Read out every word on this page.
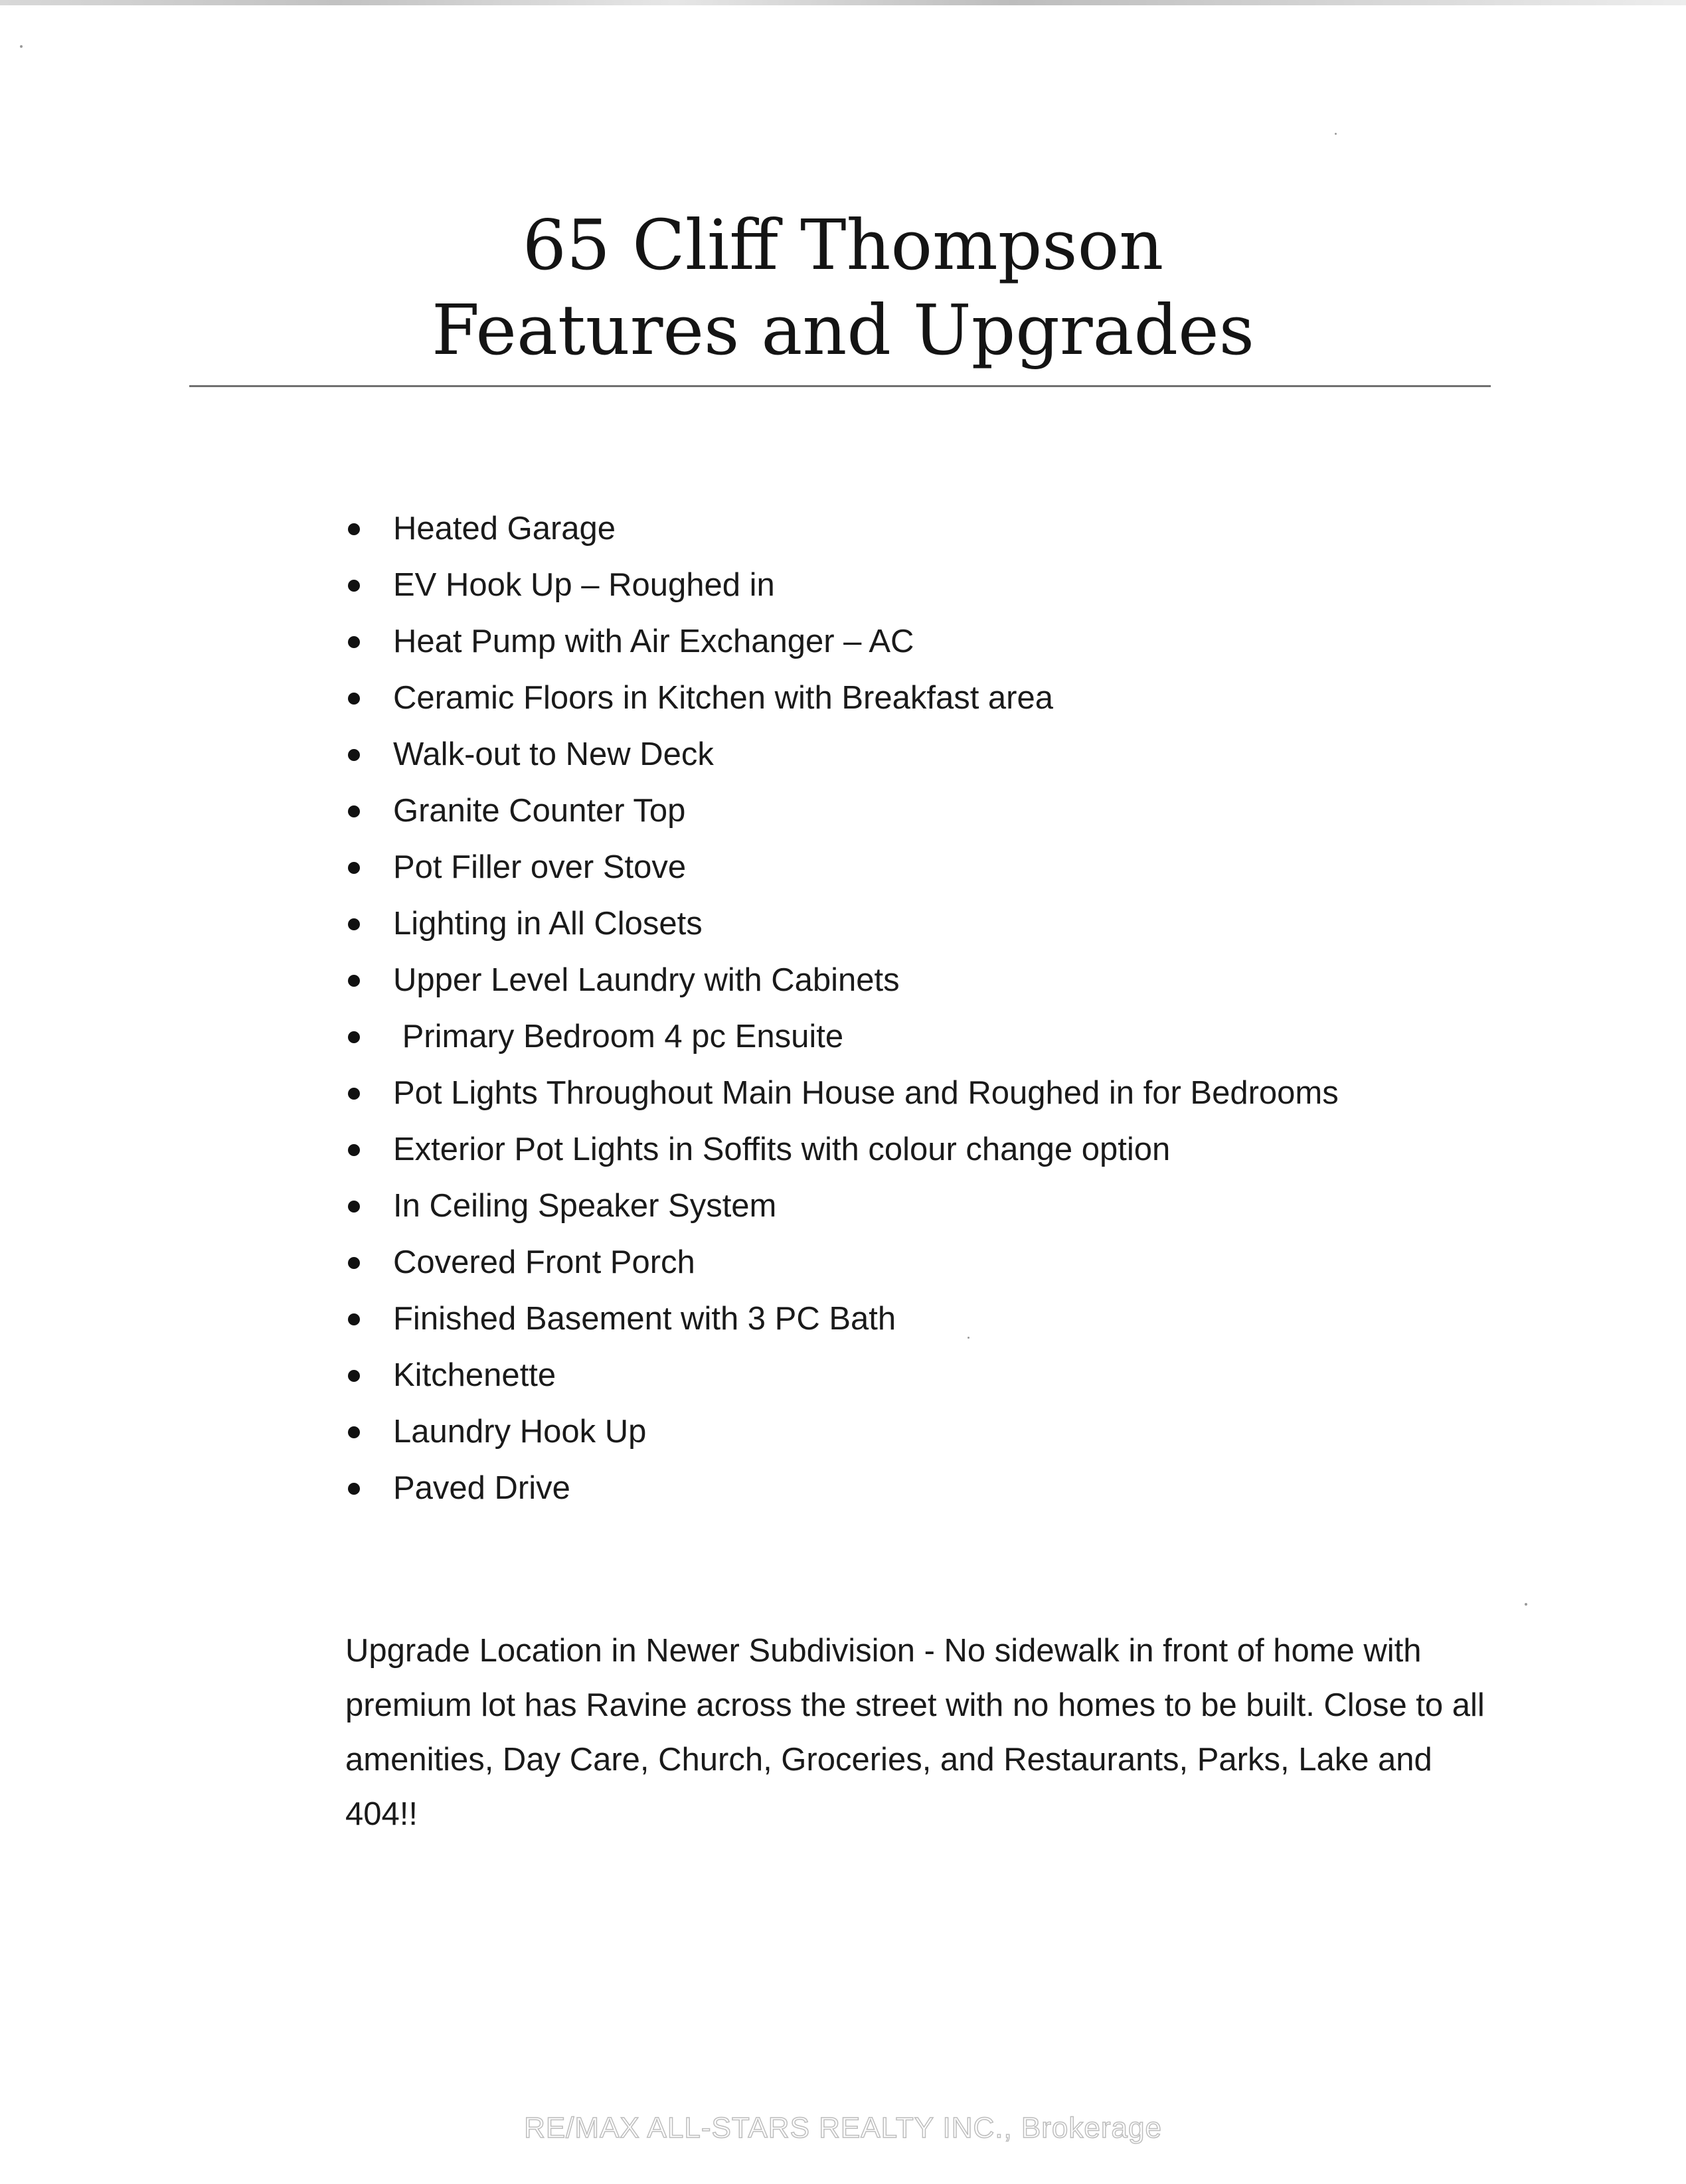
65 Cliff Thompson
Features and Upgrades
Heated Garage
EV Hook Up – Roughed in
Heat Pump with Air Exchanger – AC
Ceramic Floors in Kitchen with Breakfast area
Walk-out to New Deck
Granite Counter Top
Pot Filler over Stove
Lighting in All Closets
Upper Level Laundry with Cabinets
Primary Bedroom 4 pc Ensuite
Pot Lights Throughout Main House and Roughed in for Bedrooms
Exterior Pot Lights in Soffits with colour change option
In Ceiling Speaker System
Covered Front Porch
Finished Basement with 3 PC Bath
Kitchenette
Laundry Hook Up
Paved Drive

Upgrade Location in Newer Subdivision - No sidewalk in front of home with premium lot has Ravine across the street with no homes to be built. Close to all amenities, Day Care, Church, Groceries, and Restaurants, Parks, Lake and 404!!

RE/MAX ALL-STARS REALTY INC., Brokerage
